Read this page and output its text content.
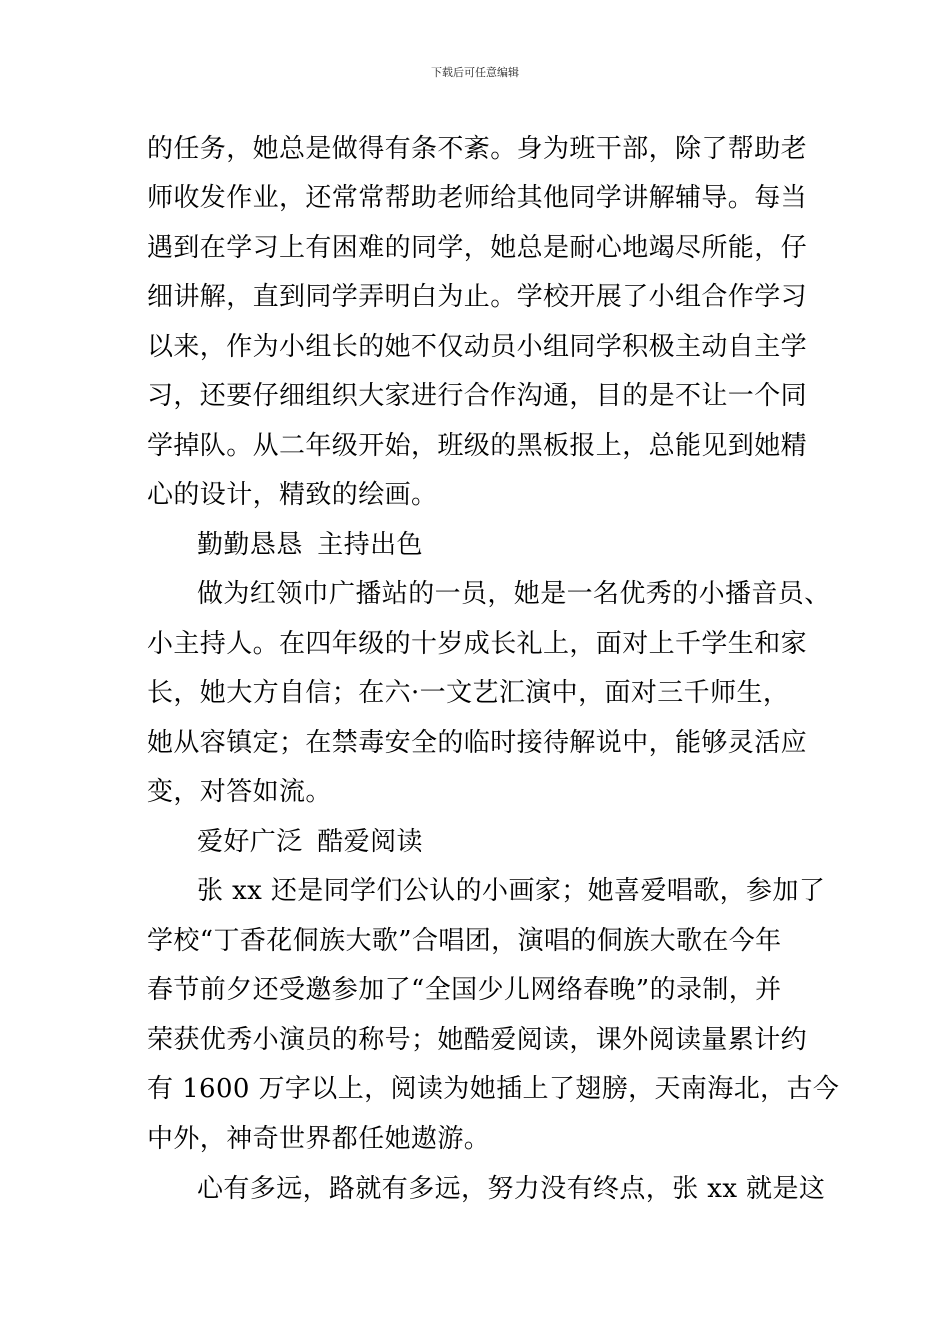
下载后可任意编辑
的任务，她总是做得有条不紊。身为班干部，除了帮助老
师收发作业，还常常帮助老师给其他同学讲解辅导。每当
遇到在学习上有困难的同学，她总是耐心地竭尽所能，仔
细讲解，直到同学弄明白为止。学校开展了小组合作学习
以来，作为小组长的她不仅动员小组同学积极主动自主学
习，还要仔细组织大家进行合作沟通，目的是不让一个同
学掉队。从二年级开始，班级的黑板报上，总能见到她精
心的设计，精致的绘画。
勤勤恳恳 主持出色
做为红领巾广播站的一员，她是一名优秀的小播音员、
小主持人。在四年级的十岁成长礼上，面对上千学生和家
长，她大方自信；在六·一文艺汇演中，面对三千师生，
她从容镇定；在禁毒安全的临时接待解说中，能够灵活应
变，对答如流。
爱好广泛 酷爱阅读
张 xx 还是同学们公认的小画家；她喜爱唱歌，参加了
学校“丁香花侗族大歌”合唱团，演唱的侗族大歌在今年
春节前夕还受邀参加了“全国少儿网络春晚”的录制，并
荣获优秀小演员的称号；她酷爱阅读，课外阅读量累计约
有 1600 万字以上，阅读为她插上了翅膀，天南海北，古今
中外，神奇世界都任她遨游。
心有多远，路就有多远，努力没有终点，张 xx 就是这
